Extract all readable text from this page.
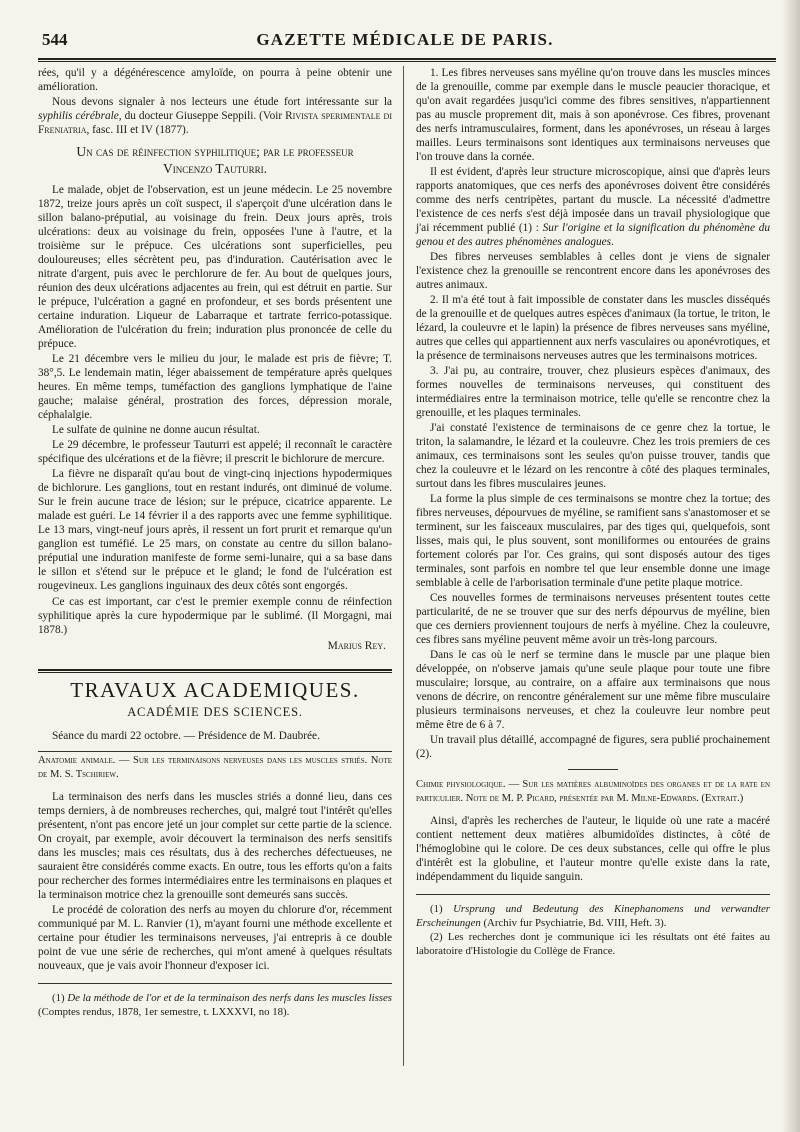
544	GAZETTE MÉDICALE DE PARIS.

rées, qu'il y a dégénérescence amyloïde, on pourra à peine obtenir une amélioration.

Nous devons signaler à nos lecteurs une étude fort intéressante sur la syphilis cérébrale, du docteur Giuseppe Seppili. (Voir Rivista sperimentale di Freniatria, fasc. III et IV (1877).

Un cas de réinfection syphilitique; par le professeur
Vincenzo Tauturri.

Le malade, objet de l'observation, est un jeune médecin. Le 25 novembre 1872, treize jours après un coït suspect, il s'aperçoit d'une ulcération dans le sillon balano-préputial, au voisinage du frein. Deux jours après, trois ulcérations: deux au voisinage du frein, opposées l'une à l'autre, et la troisième sur le prépuce. Ces ulcérations sont superficielles, peu douloureuses; elles sécrètent peu, pas d'induration. Cautérisation avec le nitrate d'argent, puis avec le perchlorure de fer. Au bout de quelques jours, réunion des deux ulcérations adjacentes au frein, qui est détruit en partie. Sur le prépuce, l'ulcération a gagné en profondeur, et ses bords présentent une certaine induration. Liqueur de Labarraque et tartrate ferrico-potassique. Amélioration de l'ulcération du frein; induration plus prononcée de celle du prépuce.

Le 21 décembre vers le milieu du jour, le malade est pris de fièvre; T. 38°,5. Le lendemain matin, léger abaissement de température après quelques heures. En même temps, tuméfaction des ganglions lymphatique de l'aine gauche; malaise général, prostration des forces, dépression morale, céphalalgie.

Le sulfate de quinine ne donne aucun résultat.

Le 29 décembre, le professeur Tauturri est appelé; il reconnaît le caractère spécifique des ulcérations et de la fièvre; il prescrit le bichlorure de mercure.

La fièvre ne disparaît qu'au bout de vingt-cinq injections hypodermiques de bichlorure. Les ganglions, tout en restant indurés, ont diminué de volume. Sur le frein aucune trace de lésion; sur le prépuce, cicatrice apparente. Le malade est guéri. Le 14 février il a des rapports avec une femme syphilitique. Le 13 mars, vingt-neuf jours après, il ressent un fort prurit et remarque qu'un ganglion est tuméfié. Le 25 mars, on constate au centre du sillon balano-préputial une induration manifeste de forme semi-lunaire, qui a sa base dans le sillon et s'étend sur le prépuce et le gland; le fond de l'ulcération est rougevineux. Les ganglions inguinaux des deux côtés sont engorgés.

Ce cas est important, car c'est le premier exemple connu de réinfection syphilitique après la cure hypodermique par le sublimé. (Il Morgagni, mai 1878.)

Marius Rey.
TRAVAUX ACADEMIQUES.
ACADÉMIE DES SCIENCES.

Séance du mardi 22 octobre. — Présidence de M. Daubrée.

Anatomie animale. — Sur les terminaisons nerveuses dans les muscles striés. Note de M. S. Tschiriew.

La terminaison des nerfs dans les muscles striés a donné lieu, dans ces temps derniers, à de nombreuses recherches, qui, malgré tout l'intérêt qu'elles présentent, n'ont pas encore jeté un jour complet sur cette partie de la science. On croyait, par exemple, avoir découvert la terminaison des nerfs sensitifs dans les muscles; mais ces résultats, dus à des recherches défectueuses, ne sauraient être considérés comme exacts. En outre, tous les efforts qu'on a faits pour rechercher des formes intermédiaires entre les terminaisons en plaques et la terminaison motrice chez la grenouille sont demeurés sans succès.

Le procédé de coloration des nerfs au moyen du chlorure d'or, récemment communiqué par M. L. Ranvier (1), m'ayant fourni une méthode excellente et certaine pour étudier les terminaisons nerveuses, j'ai entrepris à ce double point de vue une série de recherches, qui m'ont amené à quelques résultats nouveaux, que je vais avoir l'honneur d'exposer ici.

(1) De la méthode de l'or et de la terminaison des nerfs dans les muscles lisses (Comptes rendus, 1878, 1er semestre, t. LXXXVI, no 18).

1. Les fibres nerveuses sans myéline qu'on trouve dans les muscles minces de la grenouille, comme par exemple dans le muscle peaucier thoracique, et qu'on avait regardées jusqu'ici comme des fibres sensitives, n'appartiennent pas au muscle proprement dit, mais à son aponévrose. Ces fibres, provenant des nerfs intramusculaires, forment, dans les aponévroses, un réseau à larges mailles. Leurs terminaisons sont identiques aux terminaisons nerveuses que l'on trouve dans la cornée.

Il est évident, d'après leur structure microscopique, ainsi que d'après leurs rapports anatomiques, que ces nerfs des aponévroses doivent être considérés comme des nerfs centripètes, partant du muscle. La nécessité d'admettre l'existence de ces nerfs s'est déjà imposée dans un travail physiologique que j'ai récemment publié (1) : Sur l'origine et la signification du phénomène du genou et des autres phénomènes analogues.

Des fibres nerveuses semblables à celles dont je viens de signaler l'existence chez la grenouille se rencontrent encore dans les aponévroses des autres animaux.

2. Il m'a été tout à fait impossible de constater dans les muscles disséqués de la grenouille et de quelques autres espèces d'animaux (la tortue, le triton, le lézard, la couleuvre et le lapin) la présence de fibres nerveuses sans myéline, autres que celles qui appartiennent aux nerfs vasculaires ou aponévrotiques, et la présence de terminaisons nerveuses autres que les terminaisons motrices.

3. J'ai pu, au contraire, trouver, chez plusieurs espèces d'animaux, des formes nouvelles de terminaisons nerveuses, qui constituent des intermédiaires entre la terminaison motrice, telle qu'elle se rencontre chez la grenouille, et les plaques terminales.

J'ai constaté l'existence de terminaisons de ce genre chez la tortue, le triton, la salamandre, le lézard et la couleuvre. Chez les trois premiers de ces animaux, ces terminaisons sont les seules qu'on puisse trouver, tandis que chez la couleuvre et le lézard on les rencontre à côté des plaques terminales, surtout dans les fibres musculaires jeunes.

La forme la plus simple de ces terminaisons se montre chez la tortue; des fibres nerveuses, dépourvues de myéline, se ramifient sans s'anastomoser et se terminent, sur les faisceaux musculaires, par des tiges qui, quelquefois, sont lisses, mais qui, le plus souvent, sont moniliformes ou entourées de grains fortement colorés par l'or. Ces grains, qui sont disposés autour des tiges terminales, sont parfois en nombre tel que leur ensemble donne une image semblable à celle de l'arborisation terminale d'une petite plaque motrice.

Ces nouvelles formes de terminaisons nerveuses présentent toutes cette particularité, de ne se trouver que sur des nerfs dépourvus de myéline, bien que ces derniers proviennent toujours de nerfs à myéline. Chez la couleuvre, ces fibres sans myéline peuvent même avoir un très-long parcours.

Dans le cas où le nerf se termine dans le muscle par une plaque bien développée, on n'observe jamais qu'une seule plaque pour toute une fibre musculaire; lorsque, au contraire, on a affaire aux terminaisons que nous venons de décrire, on rencontre généralement sur une même fibre musculaire plusieurs terminaisons nerveuses, et chez la couleuvre leur nombre peut même être de 6 à 7.

Un travail plus détaillé, accompagné de figures, sera publié prochainement (2).

Chimie physiologique. — Sur les matières albuminoïdes des organes et de la rate en particulier. Note de M. P. Picard, présentée par M. Milne-Edwards. (Extrait.)

Ainsi, d'après les recherches de l'auteur, le liquide où une rate a macéré contient nettement deux matières albumidoïdes distinctes, à côté de l'hémoglobine qui le colore. De ces deux substances, celle qui offre le plus d'intérêt est la globuline, et l'auteur montre qu'elle existe dans la rate, indépendamment du liquide sanguin.

(1) Ursprung und Bedeutung des Kinephanomens und verwandter Erscheinungen (Archiv fur Psychiatrie, Bd. VIII, Heft. 3).

(2) Les recherches dont je communique ici les résultats ont été faites au laboratoire d'Histologie du Collège de France.
